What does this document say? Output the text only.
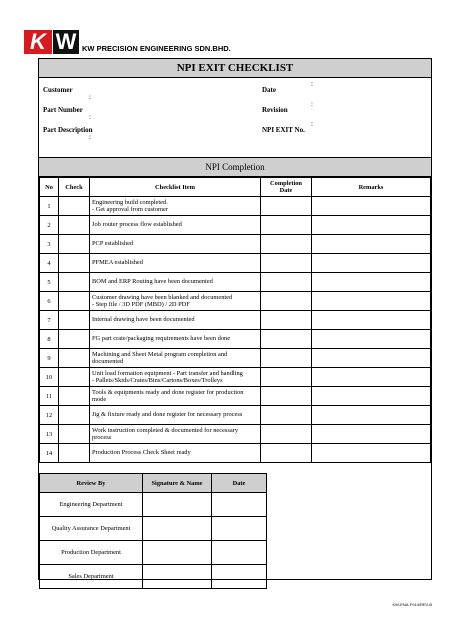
K W KW PRECISION ENGINEERING SDN.BHD.
NPI EXIT CHECKLIST
Customer
:
Part Number
:
Part Description
:
Date
:
Revision
:
NPI EXIT No.
:
NPI Completion
No	Check	Checklist Item	Completion Date	Remarks
1		Engineering build completed.
- Get approval from customer		

2		Job router process flow established		

3		PCP established		

4		PFMEA established		

5		BOM and ERP Routing have been documented		

6		Customer drawing have been blanked and documented
- Step file / 3D PDF (MBD) / 2D PDF		

7		Internal drawing have been documented		

8		FG part crate/packaging requirements have been done		

9		Machining and Sheet Metal program completion and
documented		

10		Unit load formation equipment - Part transfer and handling
- Pallets/Skids/Crates/Bins/Cartons/Boxes/Trolleys		

11		Tools & equipments ready and done register for production
mode		

12		Jig & fixture ready and done register for necessary process		

13		Work instruction completed & documented for necessary
process		

14		Production Process Check Sheet ready		

Review By	Signature & Name	Date	
Engineering Department			
Quality Assurance Department			
Production Department			
Sales Department			
KW-ENA-F014/REV-B
